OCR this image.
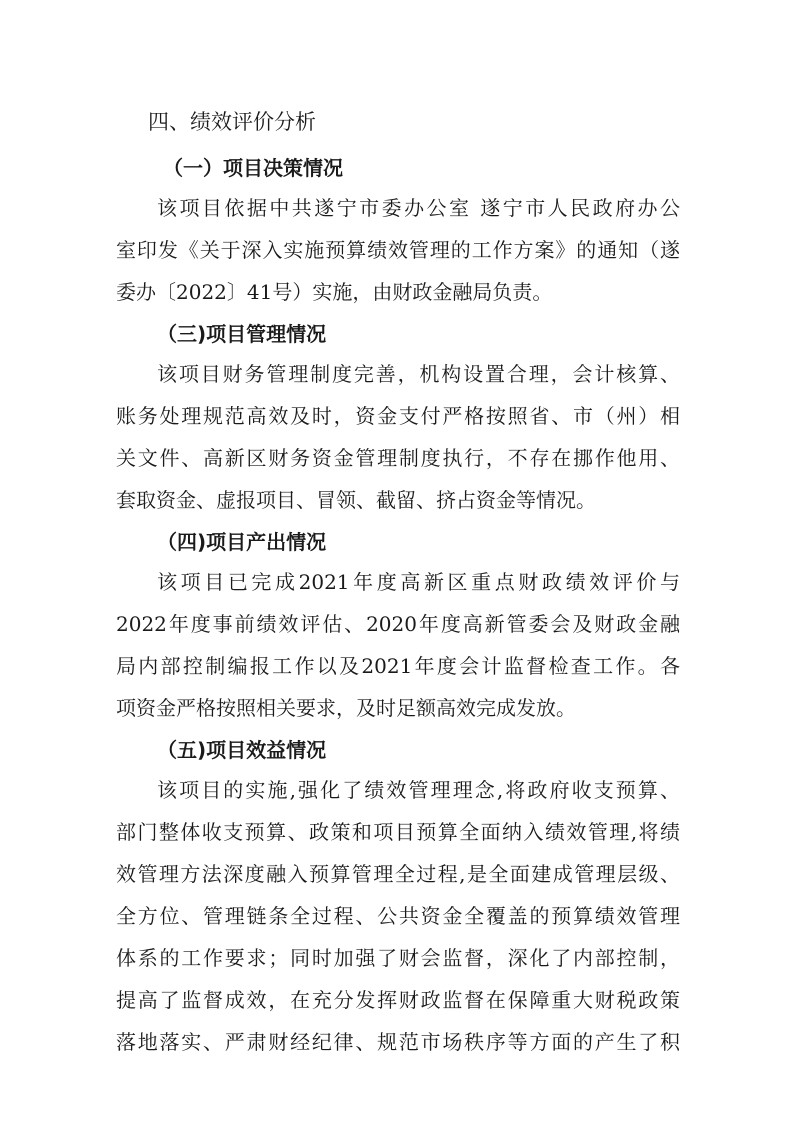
四、绩效评价分析
（一）项目决策情况
该项目依据中共遂宁市委办公室 遂宁市人民政府办公
室印发《关于深入实施预算绩效管理的工作方案》的通知（遂
委办〔2022〕41号）实施，由财政金融局负责。
（三)项目管理情况
该项目财务管理制度完善，机构设置合理，会计核算、
账务处理规范高效及时，资金支付严格按照省、市（州）相
关文件、高新区财务资金管理制度执行，不存在挪作他用、
套取资金、虚报项目、冒领、截留、挤占资金等情况。
（四)项目产出情况
该项目已完成2021年度高新区重点财政绩效评价与
2022年度事前绩效评估、2020年度高新管委会及财政金融
局内部控制编报工作以及2021年度会计监督检查工作。各
项资金严格按照相关要求，及时足额高效完成发放。
（五)项目效益情况
该项目的实施,强化了绩效管理理念,将政府收支预算、
部门整体收支预算、政策和项目预算全面纳入绩效管理,将绩
效管理方法深度融入预算管理全过程,是全面建成管理层级、
全方位、管理链条全过程、公共资金全覆盖的预算绩效管理
体系的工作要求；同时加强了财会监督，深化了内部控制，
提高了监督成效，在充分发挥财政监督在保障重大财税政策
落地落实、严肃财经纪律、规范市场秩序等方面的产生了积
